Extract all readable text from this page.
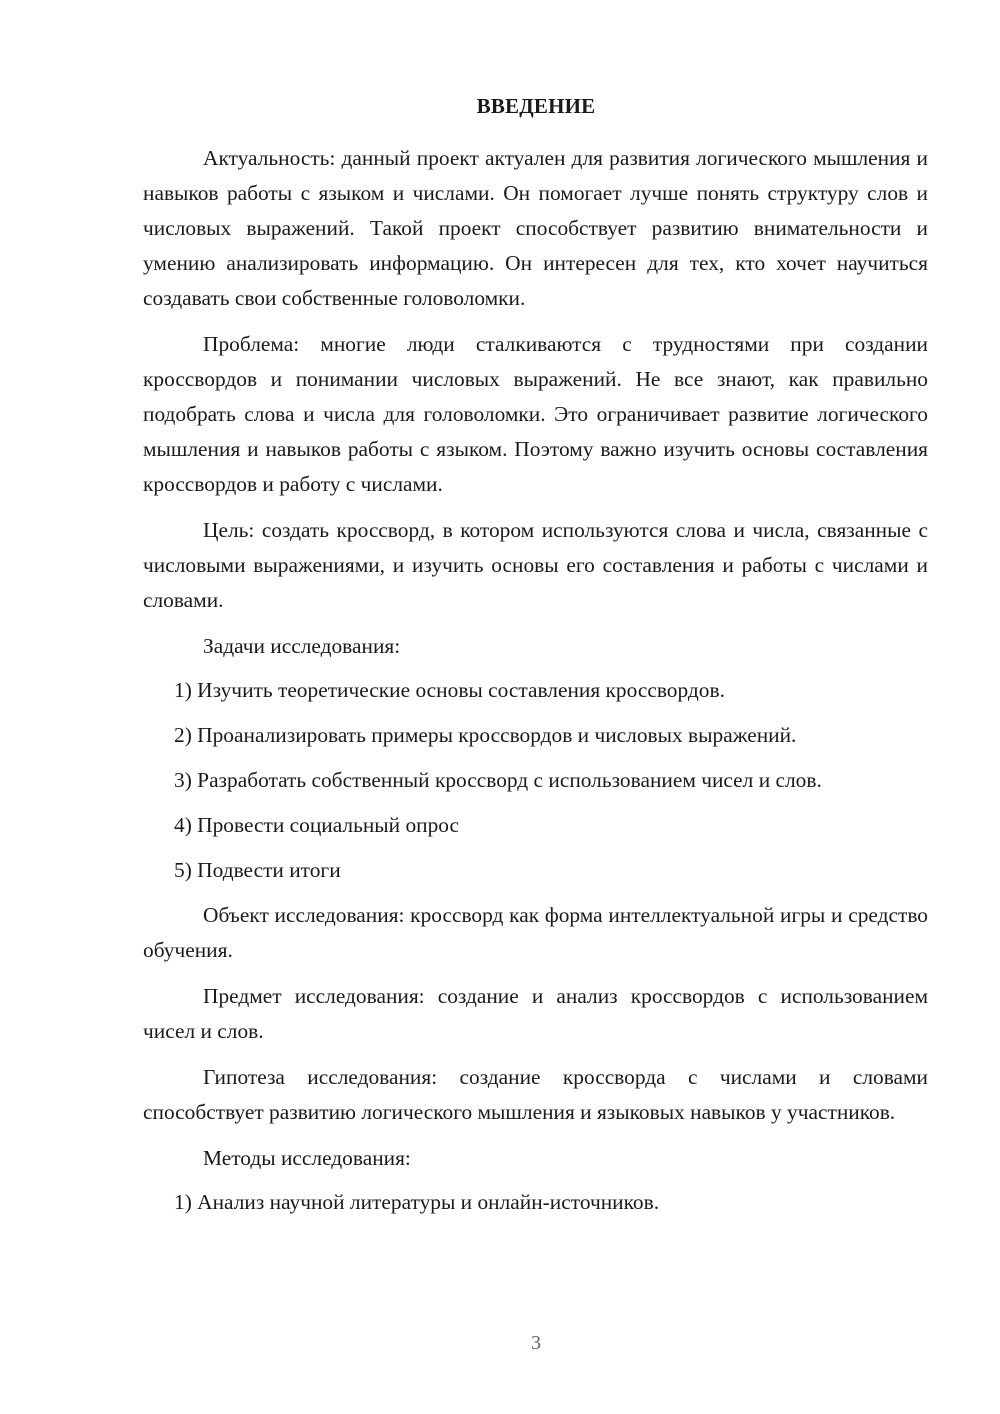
ВВЕДЕНИЕ

Актуальность: данный проект актуален для развития логического мышления и навыков работы с языком и числами. Он помогает лучше понять структуру слов и числовых выражений. Такой проект способствует развитию внимательности и умению анализировать информацию. Он интересен для тех, кто хочет научиться создавать свои собственные головоломки.

Проблема: многие люди сталкиваются с трудностями при создании кроссвордов и понимании числовых выражений. Не все знают, как правильно подобрать слова и числа для головоломки. Это ограничивает развитие логического мышления и навыков работы с языком. Поэтому важно изучить основы составления кроссвордов и работу с числами.

Цель: создать кроссворд, в котором используются слова и числа, связанные с числовыми выражениями, и изучить основы его составления и работы с числами и словами.

Задачи исследования:

1) Изучить теоретические основы составления кроссвордов.

2) Проанализировать примеры кроссвордов и числовых выражений.

3) Разработать собственный кроссворд с использованием чисел и слов.

4) Провести социальный опрос

5) Подвести итоги

Объект исследования: кроссворд как форма интеллектуальной игры и средство обучения.

Предмет исследования: создание и анализ кроссвордов с использованием чисел и слов.

Гипотеза исследования: создание кроссворда с числами и словами способствует развитию логического мышления и языковых навыков у участников.

Методы исследования:

1) Анализ научной литературы и онлайн-источников.

3
